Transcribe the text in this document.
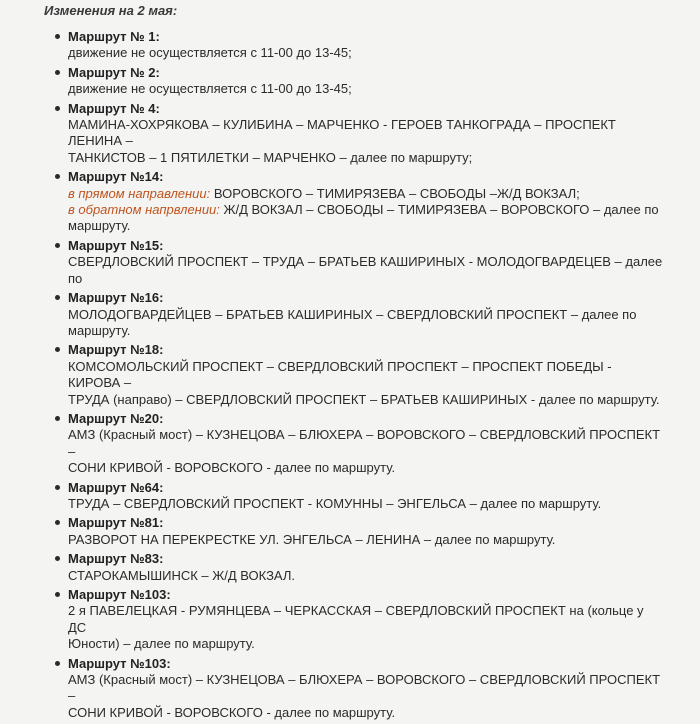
Изменения на 2 мая:

Маршрут № 1:
движение не осуществляется с 11-00 до 13-45;
Маршрут № 2:
движение не осуществляется с 11-00 до 13-45;
Маршрут № 4:
МАМИНА-ХОХРЯКОВА – КУЛИБИНА – МАРЧЕНКО - ГЕРОЕВ ТАНКОГРАДА – ПРОСПЕКТ ЛЕНИНА –
ТАНКИСТОВ – 1 ПЯТИЛЕТКИ – МАРЧЕНКО – далее по маршруту;
Маршрут №14:
в прямом направлении: ВОРОВСКОГО – ТИМИРЯЗЕВА – СВОБОДЫ –Ж/Д ВОКЗАЛ;
в обратном напрвлении: Ж/Д ВОКЗАЛ – СВОБОДЫ – ТИМИРЯЗЕВА – ВОРОВСКОГО – далее по
маршруту.
Маршрут №15:
СВЕРДЛОВСКИЙ ПРОСПЕКТ – ТРУДА – БРАТЬЕВ КАШИРИНЫХ - МОЛОДОГВАРДЕЦЕВ – далее по
Маршрут №16:
МОЛОДОГВАРДЕЙЦЕВ – БРАТЬЕВ КАШИРИНЫХ – СВЕРДЛОВСКИЙ ПРОСПЕКТ – далее по
маршруту.
Маршрут №18:
КОМСОМОЛЬСКИЙ ПРОСПЕКТ – СВЕРДЛОВСКИЙ ПРОСПЕКТ – ПРОСПЕКТ ПОБЕДЫ - КИРОВА –
ТРУДА (направо) – СВЕРДЛОВСКИЙ ПРОСПЕКТ – БРАТЬЕВ КАШИРИНЫХ - далее по маршруту.
Маршрут №20:
АМЗ (Красный мост) – КУЗНЕЦОВА – БЛЮХЕРА – ВОРОВСКОГО – СВЕРДЛОВСКИЙ ПРОСПЕКТ –
СОНИ КРИВОЙ - ВОРОВСКОГО - далее по маршруту.
Маршрут №64:
ТРУДА – СВЕРДЛОВСКИЙ ПРОСПЕКТ - КОМУННЫ – ЭНГЕЛЬСА – далее по маршруту.
Маршрут №81:
РАЗВОРОТ НА ПЕРЕКРЕСТКЕ УЛ. ЭНГЕЛЬСА – ЛЕНИНА – далее по маршруту.
Маршрут №83:
СТАРОКАМЫШИНСК – Ж/Д ВОКЗАЛ.
Маршрут №103:
2 я ПАВЕЛЕЦКАЯ - РУМЯНЦЕВА – ЧЕРКАССКАЯ – СВЕРДЛОВСКИЙ ПРОСПЕКТ на (кольце у ДС
Юности) – далее по маршруту.
Маршрут №103:
АМЗ (Красный мост) – КУЗНЕЦОВА – БЛЮХЕРА – ВОРОВСКОГО – СВЕРДЛОВСКИЙ ПРОСПЕКТ –
СОНИ КРИВОЙ - ВОРОВСКОГО - далее по маршруту.
